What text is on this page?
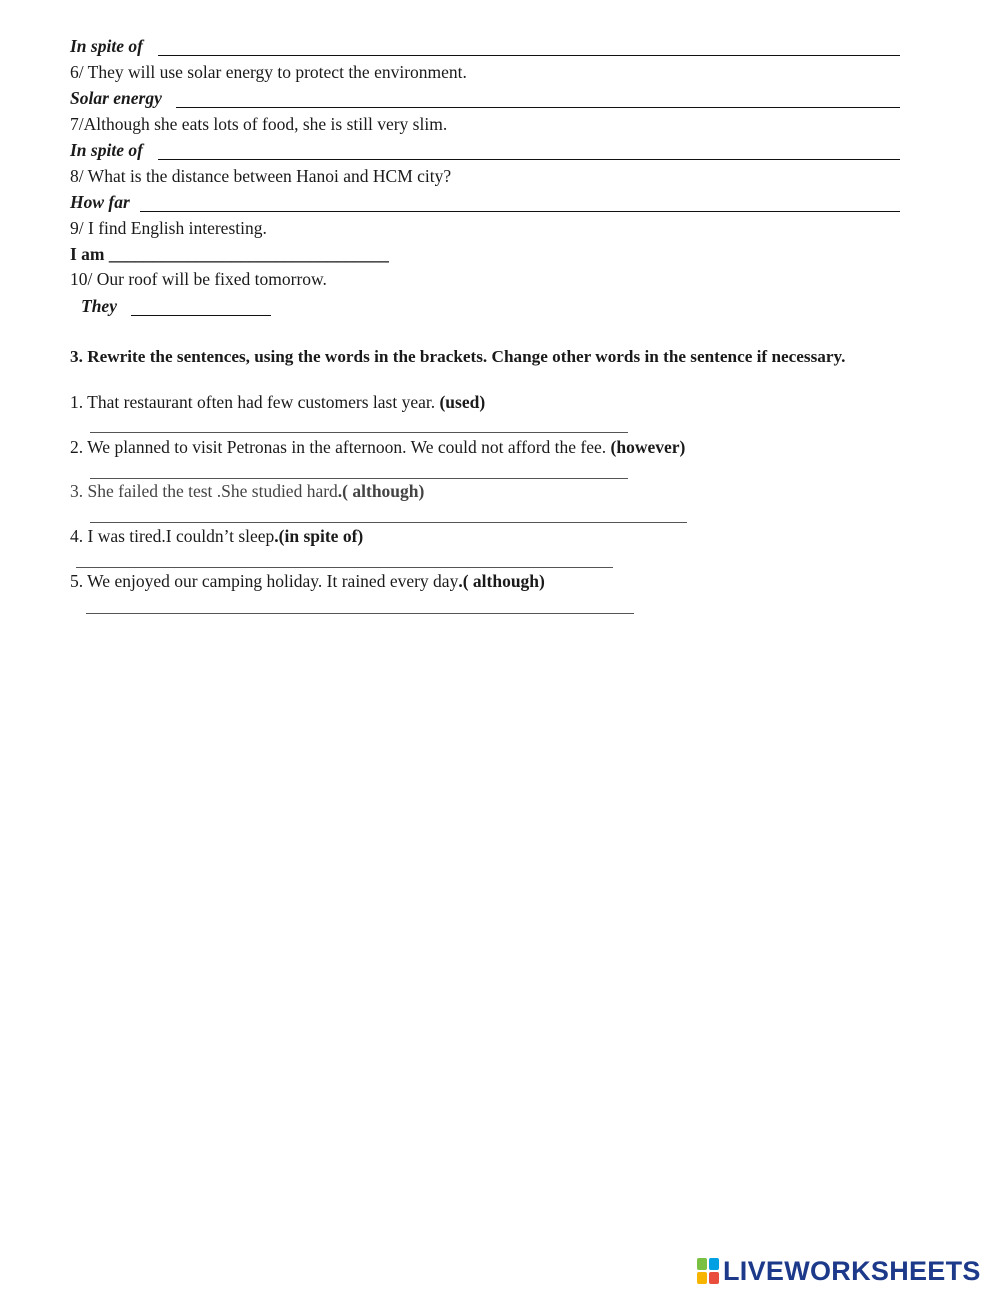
In spite of
6/ They will use solar energy to protect the environment.
Solar energy
7/Although she eats lots of food, she is still very slim.
In spite of
8/ What is the distance between Hanoi and HCM city?
How far
9/ I find English interesting.
I am ________________________________
10/ Our roof will be fixed tomorrow.
They
3. Rewrite the sentences, using the words in the brackets. Change other words in the sentence if necessary.
1. That restaurant often had few customers last year. (used)
2. We planned to visit Petronas in the afternoon. We could not afford the fee. (however)
3. She failed the test .She studied hard.( although)
4. I was tired.I couldn’t sleep.(in spite of)
5. We enjoyed our camping holiday. It rained every day.( although)
LIVEWORKSHEETS
